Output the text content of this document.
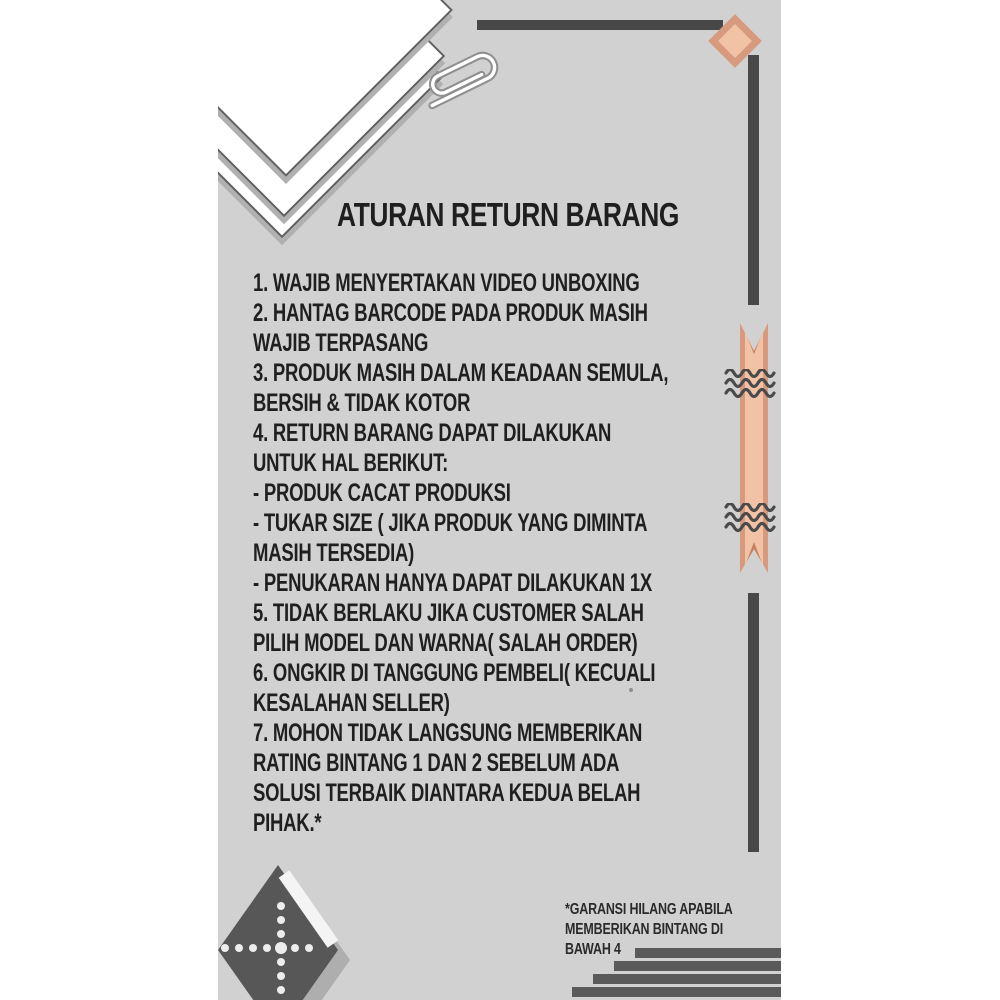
ATURAN RETURN BARANG
1. WAJIB MENYERTAKAN VIDEO UNBOXING
2. HANTAG BARCODE PADA PRODUK MASIH
WAJIB TERPASANG
3. PRODUK MASIH DALAM KEADAAN SEMULA,
BERSIH & TIDAK KOTOR
4. RETURN BARANG DAPAT DILAKUKAN
UNTUK HAL BERIKUT:
- PRODUK CACAT PRODUKSI
- TUKAR SIZE ( JIKA PRODUK YANG DIMINTA
MASIH TERSEDIA)
- PENUKARAN HANYA DAPAT DILAKUKAN 1X
5. TIDAK BERLAKU JIKA CUSTOMER SALAH
PILIH MODEL DAN WARNA( SALAH ORDER)
6. ONGKIR DI TANGGUNG PEMBELI( KECUALI
KESALAHAN SELLER)
7. MOHON TIDAK LANGSUNG MEMBERIKAN
RATING BINTANG 1 DAN 2 SEBELUM ADA
SOLUSI TERBAIK DIANTARA KEDUA BELAH
PIHAK.*
*GARANSI HILANG APABILA
MEMBERIKAN BINTANG DI
BAWAH 4
